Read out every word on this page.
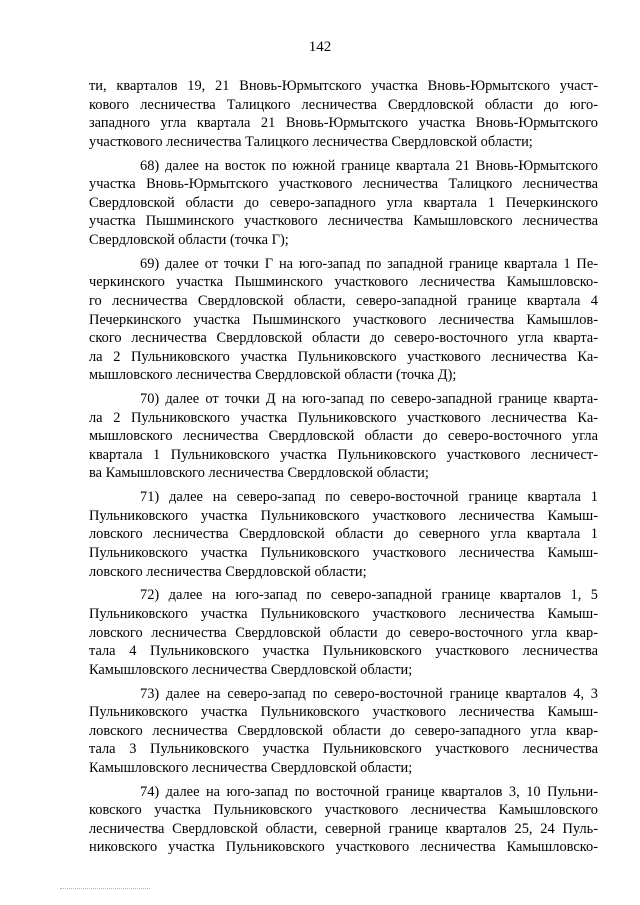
142
ти, кварталов 19, 21 Вновь-Юрмытского участка Вновь-Юрмытского участ-
кового лесничества Талицкого лесничества Свердловской области до юго-
западного угла квартала 21 Вновь-Юрмытского участка Вновь-Юрмытского
участкового лесничества Талицкого лесничества Свердловской области;
68) далее на восток по южной границе квартала 21 Вновь-Юрмытского
участка Вновь-Юрмытского участкового лесничества Талицкого лесничества
Свердловской области до северо-западного угла квартала 1 Печеркинского
участка Пышминского участкового лесничества Камышловского лесничества
Свердловской области (точка Г);
69) далее от точки Г на юго-запад по западной границе квартала 1 Пе-
черкинского участка Пышминского участкового лесничества Камышловско-
го лесничества Свердловской области, северо-западной границе квартала 4
Печеркинского участка Пышминского участкового лесничества Камышлов-
ского лесничества Свердловской области до северо-восточного угла кварта-
ла 2 Пульниковского участка Пульниковского участкового лесничества Ка-
мышловского лесничества Свердловской области (точка Д);
70) далее от точки Д на юго-запад по северо-западной границе кварта-
ла 2 Пульниковского участка Пульниковского участкового лесничества Ка-
мышловского лесничества Свердловской области до северо-восточного угла
квартала 1 Пульниковского участка Пульниковского участкового лесничест-
ва Камышловского лесничества Свердловской области;
71) далее на северо-запад по северо-восточной границе квартала 1
Пульниковского участка Пульниковского участкового лесничества Камыш-
ловского лесничества Свердловской области до северного угла квартала 1
Пульниковского участка Пульниковского участкового лесничества Камыш-
ловского лесничества Свердловской области;
72) далее на юго-запад по северо-западной границе кварталов 1, 5
Пульниковского участка Пульниковского участкового лесничества Камыш-
ловского лесничества Свердловской области до северо-восточного угла квар-
тала 4 Пульниковского участка Пульниковского участкового лесничества
Камышловского лесничества Свердловской области;
73) далее на северо-запад по северо-восточной границе кварталов 4, 3
Пульниковского участка Пульниковского участкового лесничества Камыш-
ловского лесничества Свердловской области до северо-западного угла квар-
тала 3 Пульниковского участка Пульниковского участкового лесничества
Камышловского лесничества Свердловской области;
74) далее на юго-запад по восточной границе кварталов 3, 10 Пульни-
ковского участка Пульниковского участкового лесничества Камышловского
лесничества Свердловской области, северной границе кварталов 25, 24 Пуль-
никовского участка Пульниковского участкового лесничества Камышловско-
